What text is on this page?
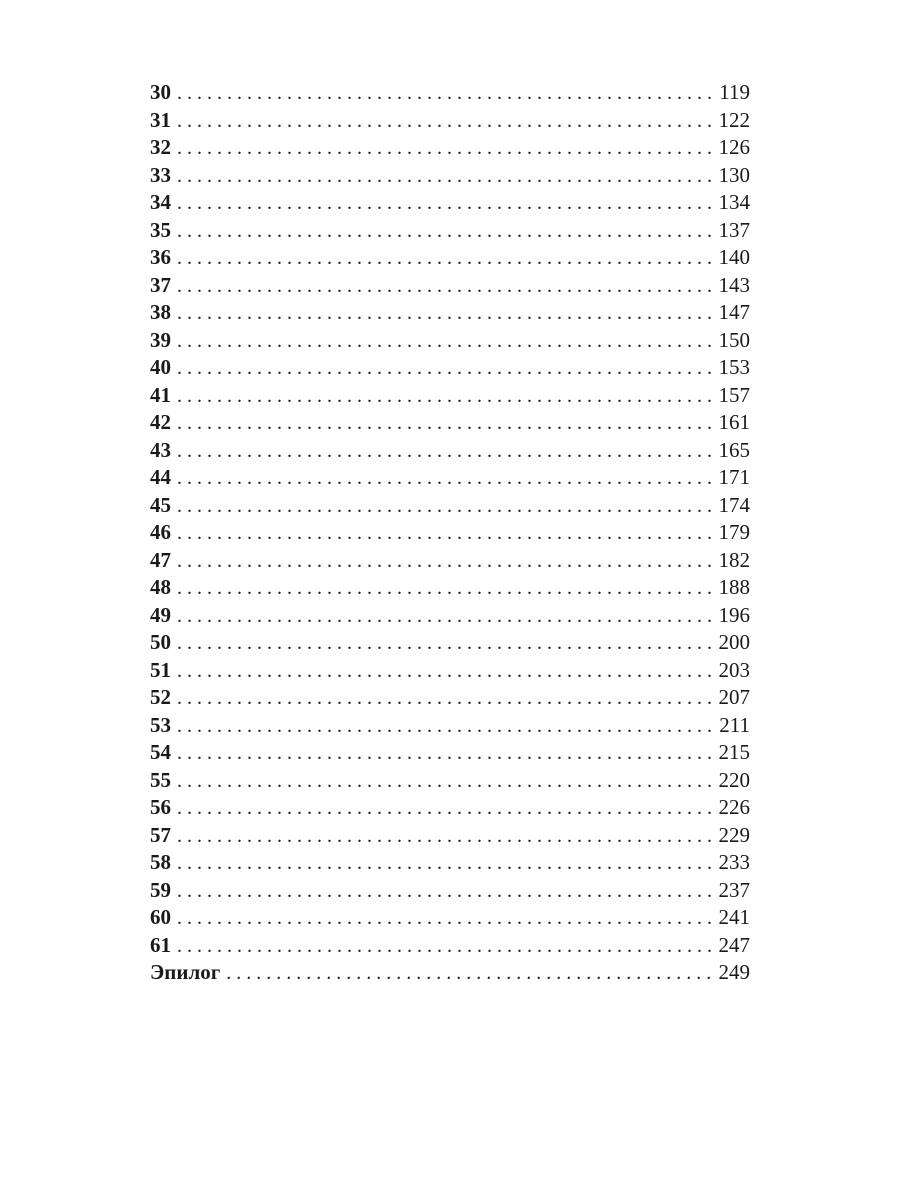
30 . . .	119
31 . . .	122
32 . . .	126
33 . . .	130
34 . . .	134
35 . . .	137
36 . . .	140
37 . . .	143
38 . . .	147
39 . . .	150
40 . . .	153
41 . . .	157
42 . . .	161
43 . . .	165
44 . . .	171
45 . . .	174
46 . . .	179
47 . . .	182
48 . . .	188
49 . . .	196
50 . . .	200
51 . . .	203
52 . . .	207
53 . . .	211
54 . . .	215
55 . . .	220
56 . . .	226
57 . . .	229
58 . . .	233
59 . . .	237
60 . . .	241
61 . . .	247
Эпилог . . .	249
